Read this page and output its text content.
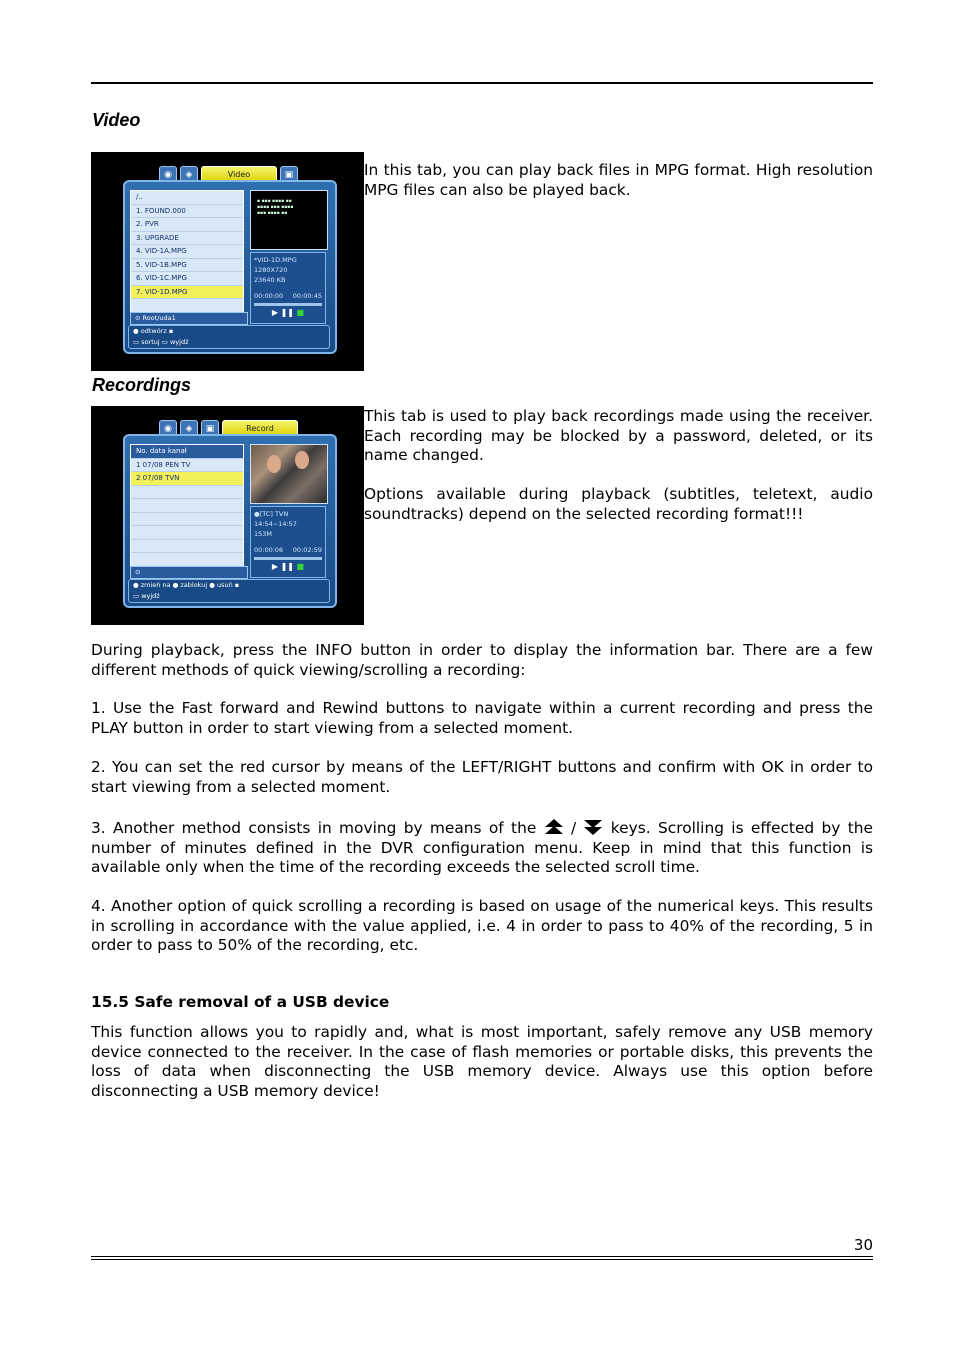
Video
◉	◈	Video	▣
/..
1. FOUND.000
2. PVR
3. UPGRADE
4. VID-1A.MPG
5. VID-1B.MPG
6. VID-1C.MPG
7. VID-1D.MPG
⊙ Root/uda1
▪ ▪▪▪ ▪▪▪▪ ▪▪
▪▪▪▪ ▪▪▪ ▪▪▪▪
▪▪▪ ▪▪▪▪ ▪▪
*VID-1D.MPG
1280X720
23640 KB
00:00:00 00:00:45
▶ ❚❚ ■
● odtwórz ▪
▭ sortuj ▭ wyjdź

In this tab, you can play back files in MPG format. High resolution MPG files can also be played back.

Recordings
◉	◈	▣	Record
No. data kanał
1 07/08 PEN TV
2 07/08 TVN
⊙
●[TC] TVN
14:54~14:57
153M
00:00:06 00:02:59
▶ ❚❚ ■
● zmień na ● zablokuj ● usuń ▪
▭ wyjdź

This tab is used to play back recordings made using the receiver. Each recording may be blocked by a password, deleted, or its name changed.

Options available during playback (subtitles, teletext, audio soundtracks) depend on the selected recording format!!!

During playback, press the INFO button in order to display the information bar. There are a few different methods of quick viewing/scrolling a recording:

1. Use the Fast forward and Rewind buttons to navigate within a current recording and press the PLAY button in order to start viewing from a selected moment.

2. You can set the red cursor by means of the LEFT/RIGHT buttons and confirm with OK in order to start viewing from a selected moment.

3. Another method consists in moving by means of the  /  keys. Scrolling is effected by the number of minutes defined in the DVR configuration menu. Keep in mind that this function is available only when the time of the recording exceeds the selected scroll time.

4. Another option of quick scrolling a recording is based on usage of the numerical keys. This results in scrolling in accordance with the value applied, i.e. 4 in order to pass to 40% of the recording, 5 in order to pass to 50% of the recording, etc.

15.5 Safe removal of a USB device

This function allows you to rapidly and, what is most important, safely remove any USB memory device connected to the receiver. In the case of flash memories or portable disks, this prevents the loss of data when disconnecting the USB memory device. Always use this option before disconnecting a USB memory device!

30
